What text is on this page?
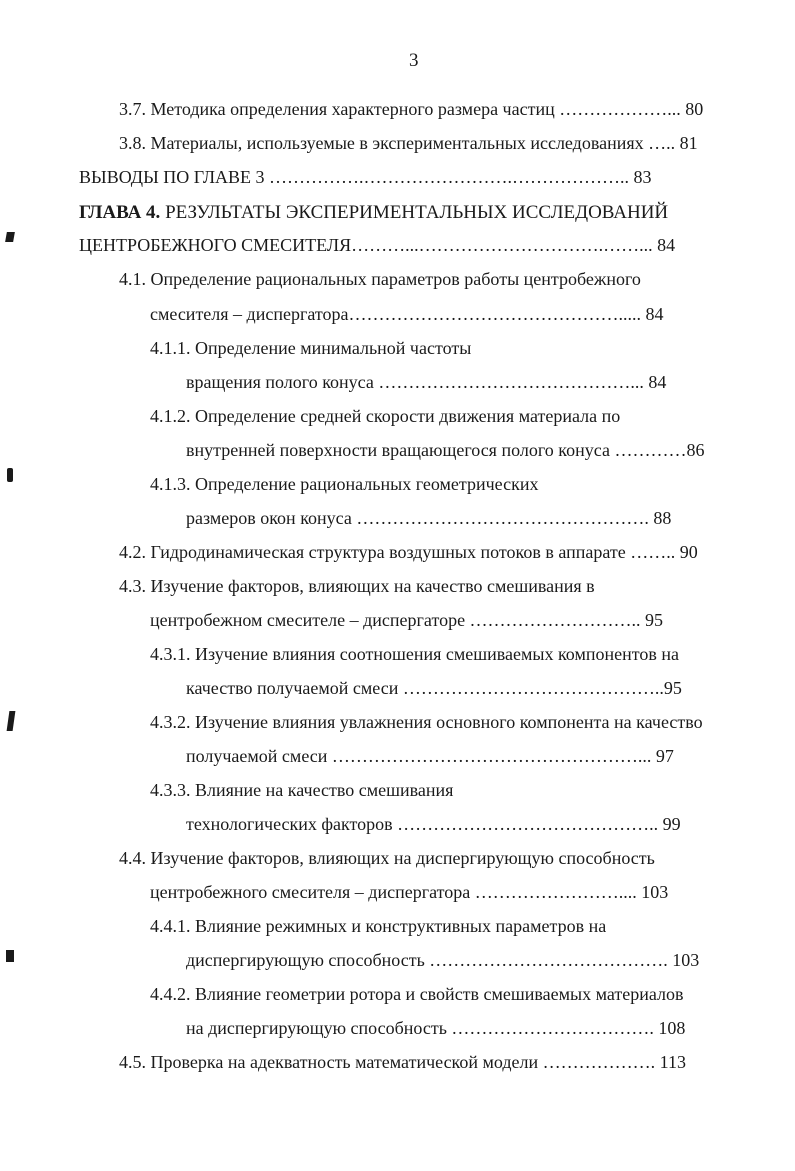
3
3.7. Методика определения характерного размера частиц ………………... 80
3.8. Материалы, используемые в экспериментальных исследованиях ….. 81
ВЫВОДЫ ПО ГЛАВЕ 3 …………….…………………….……………….. 83
ГЛАВА 4. РЕЗУЛЬТАТЫ ЭКСПЕРИМЕНТАЛЬНЫХ ИССЛЕДОВАНИЙ
ЦЕНТРОБЕЖНОГО СМЕСИТЕЛЯ………...………………………….……... 84
4.1. Определение рациональных параметров работы центробежного
смесителя – диспергатора………………………………………..... 84
4.1.1. Определение минимальной частоты
вращения полого конуса ……………………………………... 84
4.1.2. Определение средней скорости движения материала по
внутренней поверхности вращающегося полого конуса …………86
4.1.3. Определение рациональных геометрических
размеров окон конуса …………………………………………. 88
4.2. Гидродинамическая структура воздушных потоков в аппарате …….. 90
4.3. Изучение факторов, влияющих на качество смешивания в
центробежном смесителе – диспергаторе ……………………….. 95
4.3.1. Изучение влияния соотношения смешиваемых компонентов на
качество получаемой смеси ……………………………………..95
4.3.2. Изучение влияния увлажнения основного компонента на качество
получаемой смеси ……………………………………………... 97
4.3.3. Влияние на качество смешивания
технологических факторов …………………………………….. 99
4.4. Изучение факторов, влияющих на диспергирующую способность
центробежного смесителя – диспергатора …………………….... 103
4.4.1. Влияние режимных и конструктивных параметров на
диспергирующую способность …………………………………. 103
4.4.2. Влияние геометрии ротора и свойств смешиваемых материалов
на диспергирующую способность ……………………………. 108
4.5. Проверка на адекватность математической модели ………………. 113
